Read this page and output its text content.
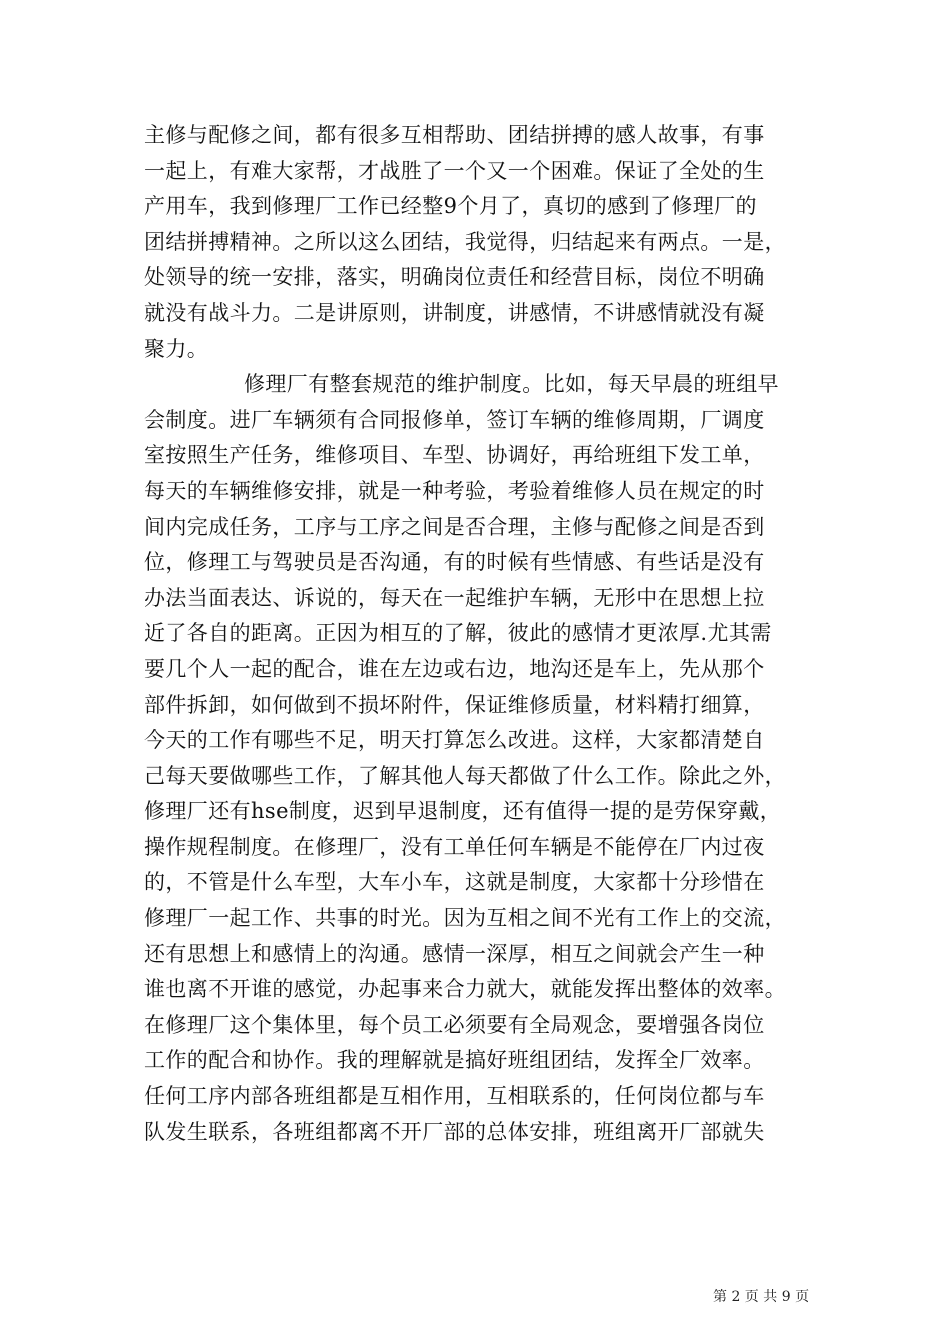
主修与配修之间，都有很多互相帮助、团结拼搏的感人故事，有事
一起上，有难大家帮，才战胜了一个又一个困难。保证了全处的生
产用车，我到修理厂工作已经整9个月了，真切的感到了修理厂的
团结拼搏精神。之所以这么团结，我觉得，归结起来有两点。一是，
处领导的统一安排，落实，明确岗位责任和经营目标，岗位不明确
就没有战斗力。二是讲原则，讲制度，讲感情，不讲感情就没有凝
聚力。
修理厂有整套规范的维护制度。比如，每天早晨的班组早
会制度。进厂车辆须有合同报修单，签订车辆的维修周期，厂调度
室按照生产任务，维修项目、车型、协调好，再给班组下发工单，
每天的车辆维修安排，就是一种考验，考验着维修人员在规定的时
间内完成任务，工序与工序之间是否合理，主修与配修之间是否到
位，修理工与驾驶员是否沟通，有的时候有些情感、有些话是没有
办法当面表达、诉说的，每天在一起维护车辆，无形中在思想上拉
近了各自的距离。正因为相互的了解，彼此的感情才更浓厚.尤其需
要几个人一起的配合，谁在左边或右边，地沟还是车上，先从那个
部件拆卸，如何做到不损坏附件，保证维修质量，材料精打细算，
今天的工作有哪些不足，明天打算怎么改进。这样，大家都清楚自
己每天要做哪些工作，了解其他人每天都做了什么工作。除此之外，
修理厂还有hse制度，迟到早退制度，还有值得一提的是劳保穿戴，
操作规程制度。在修理厂，没有工单任何车辆是不能停在厂内过夜
的，不管是什么车型，大车小车，这就是制度，大家都十分珍惜在
修理厂一起工作、共事的时光。因为互相之间不光有工作上的交流，
还有思想上和感情上的沟通。感情一深厚，相互之间就会产生一种
谁也离不开谁的感觉，办起事来合力就大，就能发挥出整体的效率。
在修理厂这个集体里，每个员工必须要有全局观念，要增强各岗位
工作的配合和协作。我的理解就是搞好班组团结，发挥全厂效率。
任何工序内部各班组都是互相作用，互相联系的，任何岗位都与车
队发生联系，各班组都离不开厂部的总体安排，班组离开厂部就失
第 2 页 共 9 页
